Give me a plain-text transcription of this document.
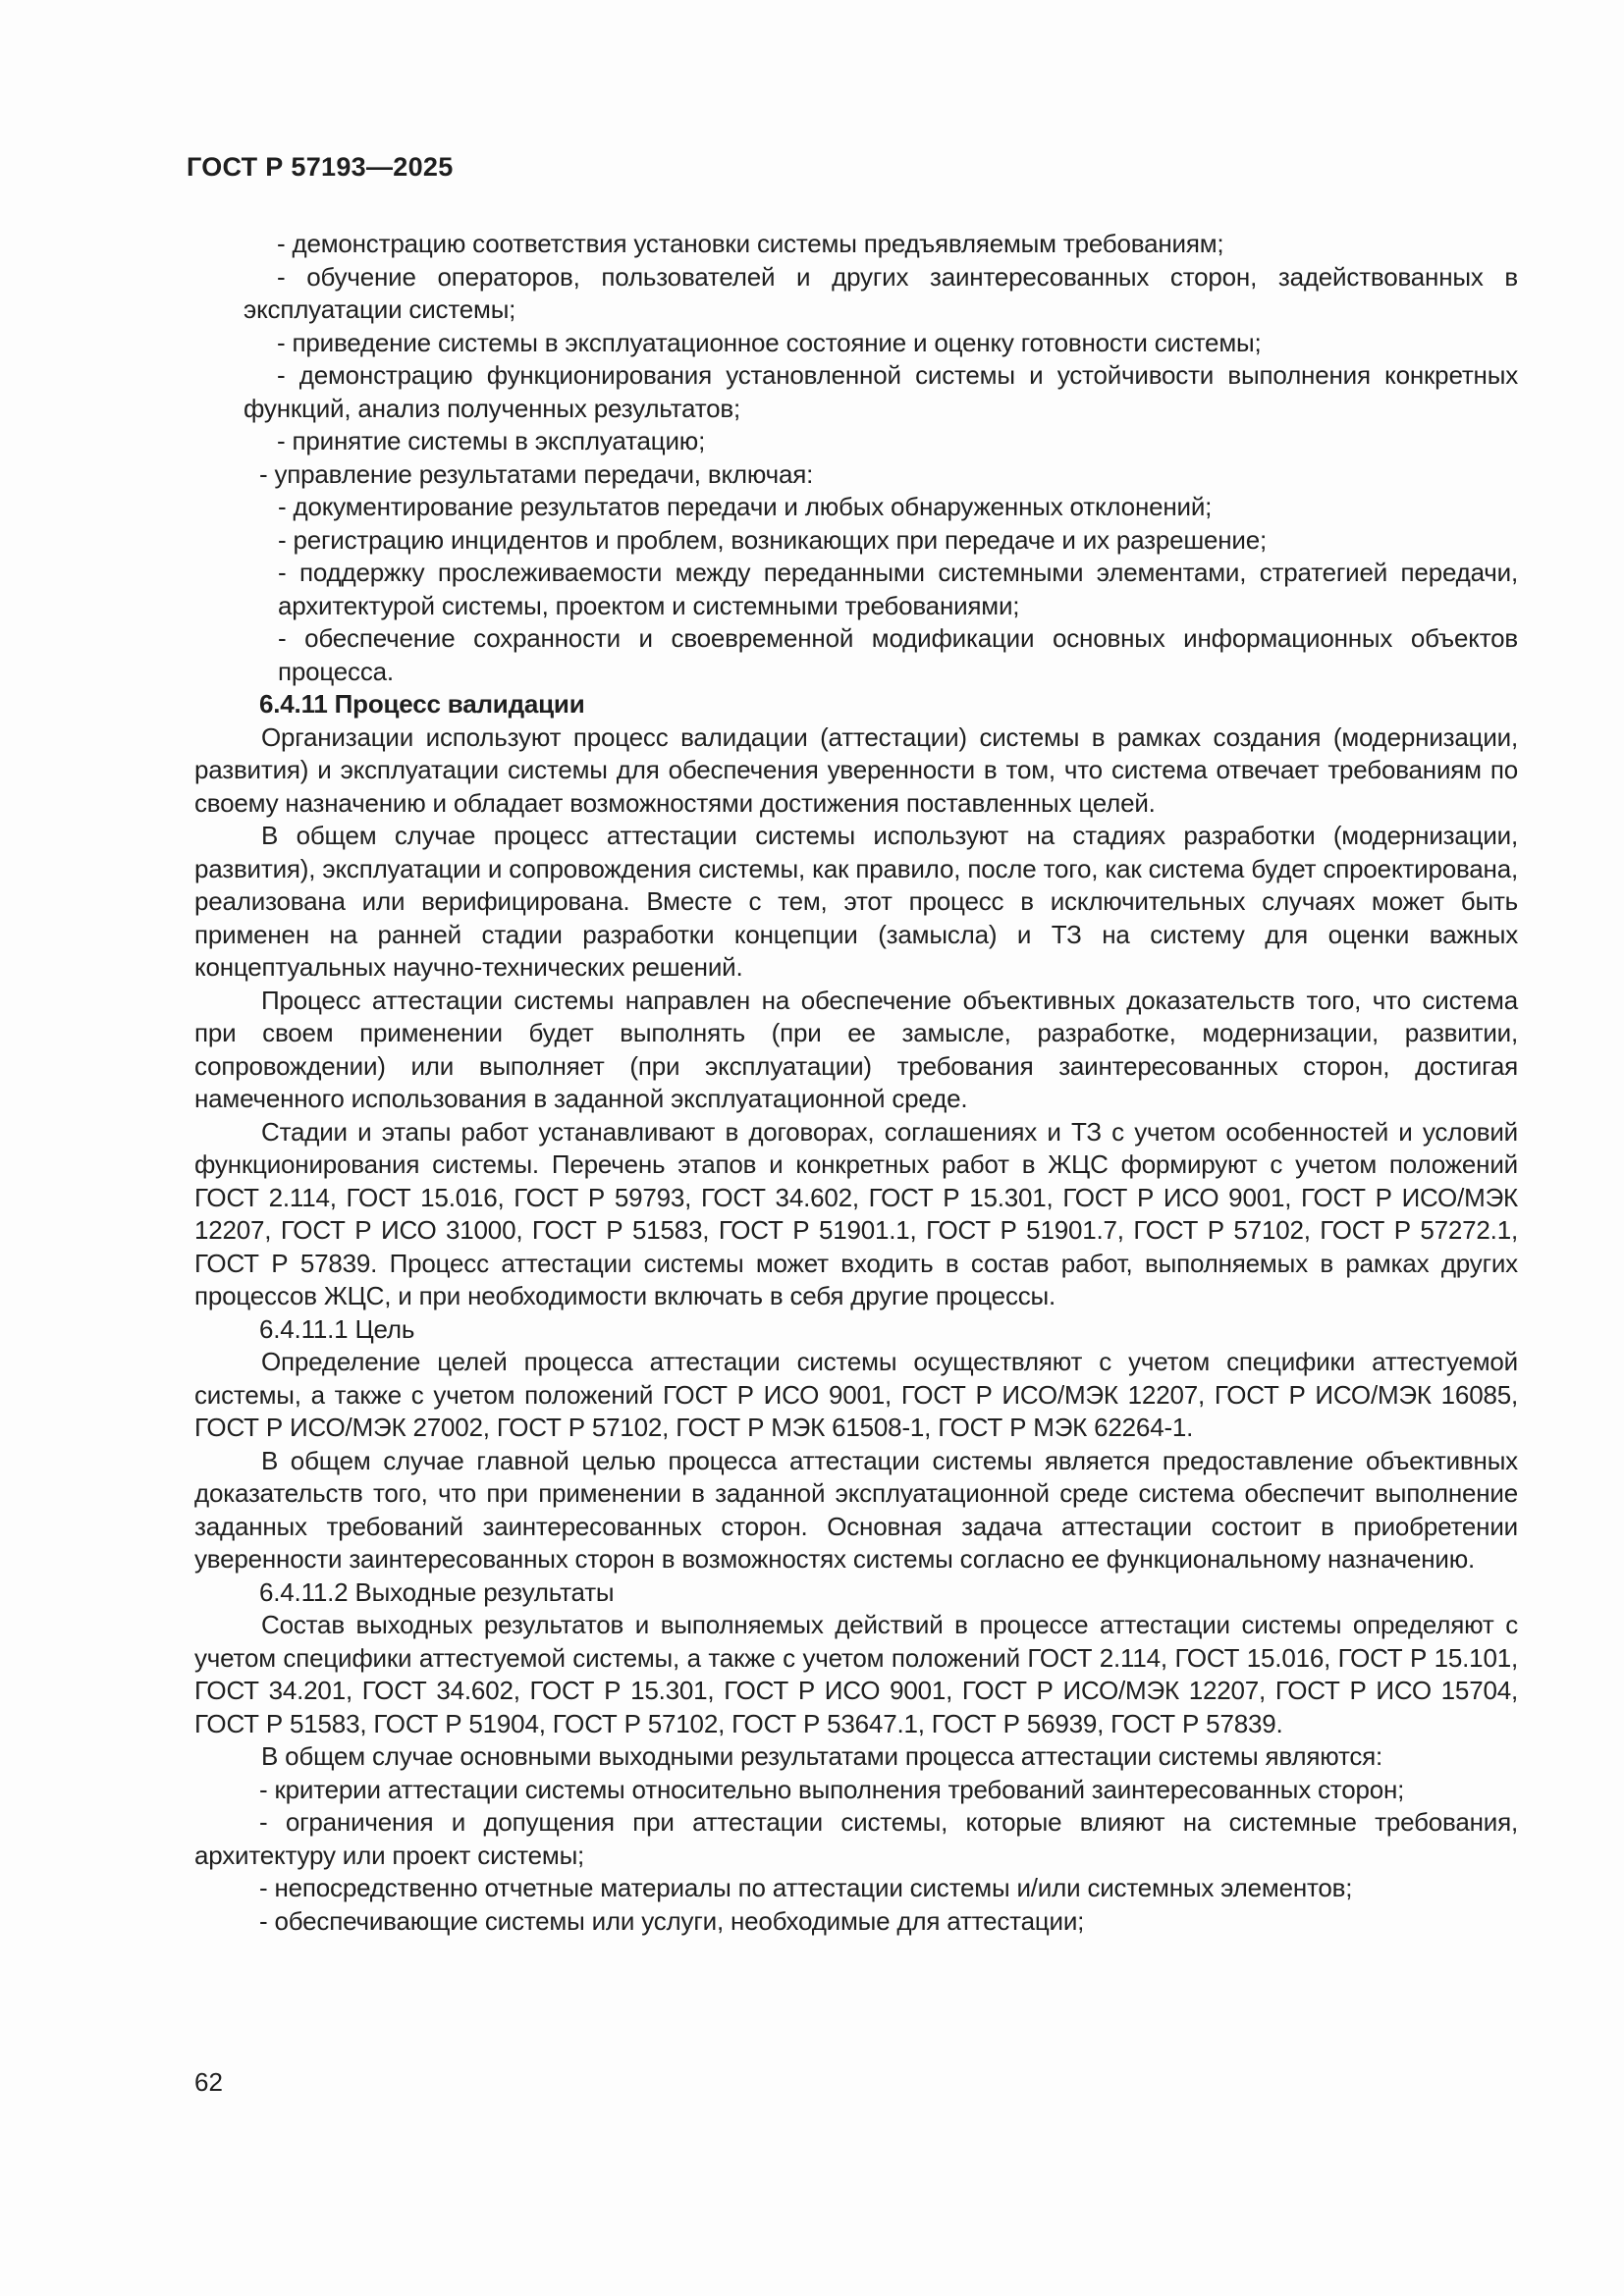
ГОСТ Р 57193—2025

- демонстрацию соответствия установки системы предъявляемым требованиям;

- обучение операторов, пользователей и других заинтересованных сторон, задействованных в эксплуатации системы;

- приведение системы в эксплуатационное состояние и оценку готовности системы;

- демонстрацию функционирования установленной системы и устойчивости выполнения конкретных функций, анализ полученных результатов;

- принятие системы в эксплуатацию;

- управление результатами передачи, включая:

- документирование результатов передачи и любых обнаруженных отклонений;

- регистрацию инцидентов и проблем, возникающих при передаче и их разрешение;

- поддержку прослеживаемости между переданными системными элементами, стратегией передачи, архитектурой системы, проектом и системными требованиями;

- обеспечение сохранности и своевременной модификации основных информационных объектов процесса.

6.4.11 Процесс валидации

Организации используют процесс валидации (аттестации) системы в рамках создания (модернизации, развития) и эксплуатации системы для обеспечения уверенности в том, что система отвечает требованиям по своему назначению и обладает возможностями достижения поставленных целей.

В общем случае процесс аттестации системы используют на стадиях разработки (модернизации, развития), эксплуатации и сопровождения системы, как правило, после того, как система будет спроектирована, реализована или верифицирована. Вместе с тем, этот процесс в исключительных случаях может быть применен на ранней стадии разработки концепции (замысла) и ТЗ на систему для оценки важных концептуальных научно-технических решений.

Процесс аттестации системы направлен на обеспечение объективных доказательств того, что система при своем применении будет выполнять (при ее замысле, разработке, модернизации, развитии, сопровождении) или выполняет (при эксплуатации) требования заинтересованных сторон, достигая намеченного использования в заданной эксплуатационной среде.

Стадии и этапы работ устанавливают в договорах, соглашениях и ТЗ с учетом особенностей и условий функционирования системы. Перечень этапов и конкретных работ в ЖЦС формируют с учетом положений ГОСТ 2.114, ГОСТ 15.016, ГОСТ Р 59793, ГОСТ 34.602, ГОСТ Р 15.301, ГОСТ Р ИСО 9001, ГОСТ Р ИСО/МЭК 12207, ГОСТ Р ИСО 31000, ГОСТ Р 51583, ГОСТ Р 51901.1, ГОСТ Р 51901.7, ГОСТ Р 57102, ГОСТ Р 57272.1, ГОСТ Р 57839. Процесс аттестации системы может входить в состав работ, выполняемых в рамках других процессов ЖЦС, и при необходимости включать в себя другие процессы.

6.4.11.1 Цель

Определение целей процесса аттестации системы осуществляют с учетом специфики аттестуемой системы, а также с учетом положений ГОСТ Р ИСО 9001, ГОСТ Р ИСО/МЭК 12207, ГОСТ Р ИСО/МЭК 16085, ГОСТ Р ИСО/МЭК 27002, ГОСТ Р 57102, ГОСТ Р МЭК 61508-1, ГОСТ Р МЭК 62264-1.

В общем случае главной целью процесса аттестации системы является предоставление объективных доказательств того, что при применении в заданной эксплуатационной среде система обеспечит выполнение заданных требований заинтересованных сторон. Основная задача аттестации состоит в приобретении уверенности заинтересованных сторон в возможностях системы согласно ее функциональному назначению.

6.4.11.2 Выходные результаты

Состав выходных результатов и выполняемых действий в процессе аттестации системы определяют с учетом специфики аттестуемой системы, а также с учетом положений ГОСТ 2.114, ГОСТ 15.016, ГОСТ Р 15.101, ГОСТ 34.201, ГОСТ 34.602, ГОСТ Р 15.301, ГОСТ Р ИСО 9001, ГОСТ Р ИСО/МЭК 12207, ГОСТ Р ИСО 15704, ГОСТ Р 51583, ГОСТ Р 51904, ГОСТ Р 57102, ГОСТ Р 53647.1, ГОСТ Р 56939, ГОСТ Р 57839.

В общем случае основными выходными результатами процесса аттестации системы являются:

- критерии аттестации системы относительно выполнения требований заинтересованных сторон;

- ограничения и допущения при аттестации системы, которые влияют на системные требования, архитектуру или проект системы;

- непосредственно отчетные материалы по аттестации системы и/или системных элементов;

- обеспечивающие системы или услуги, необходимые для аттестации;

62
